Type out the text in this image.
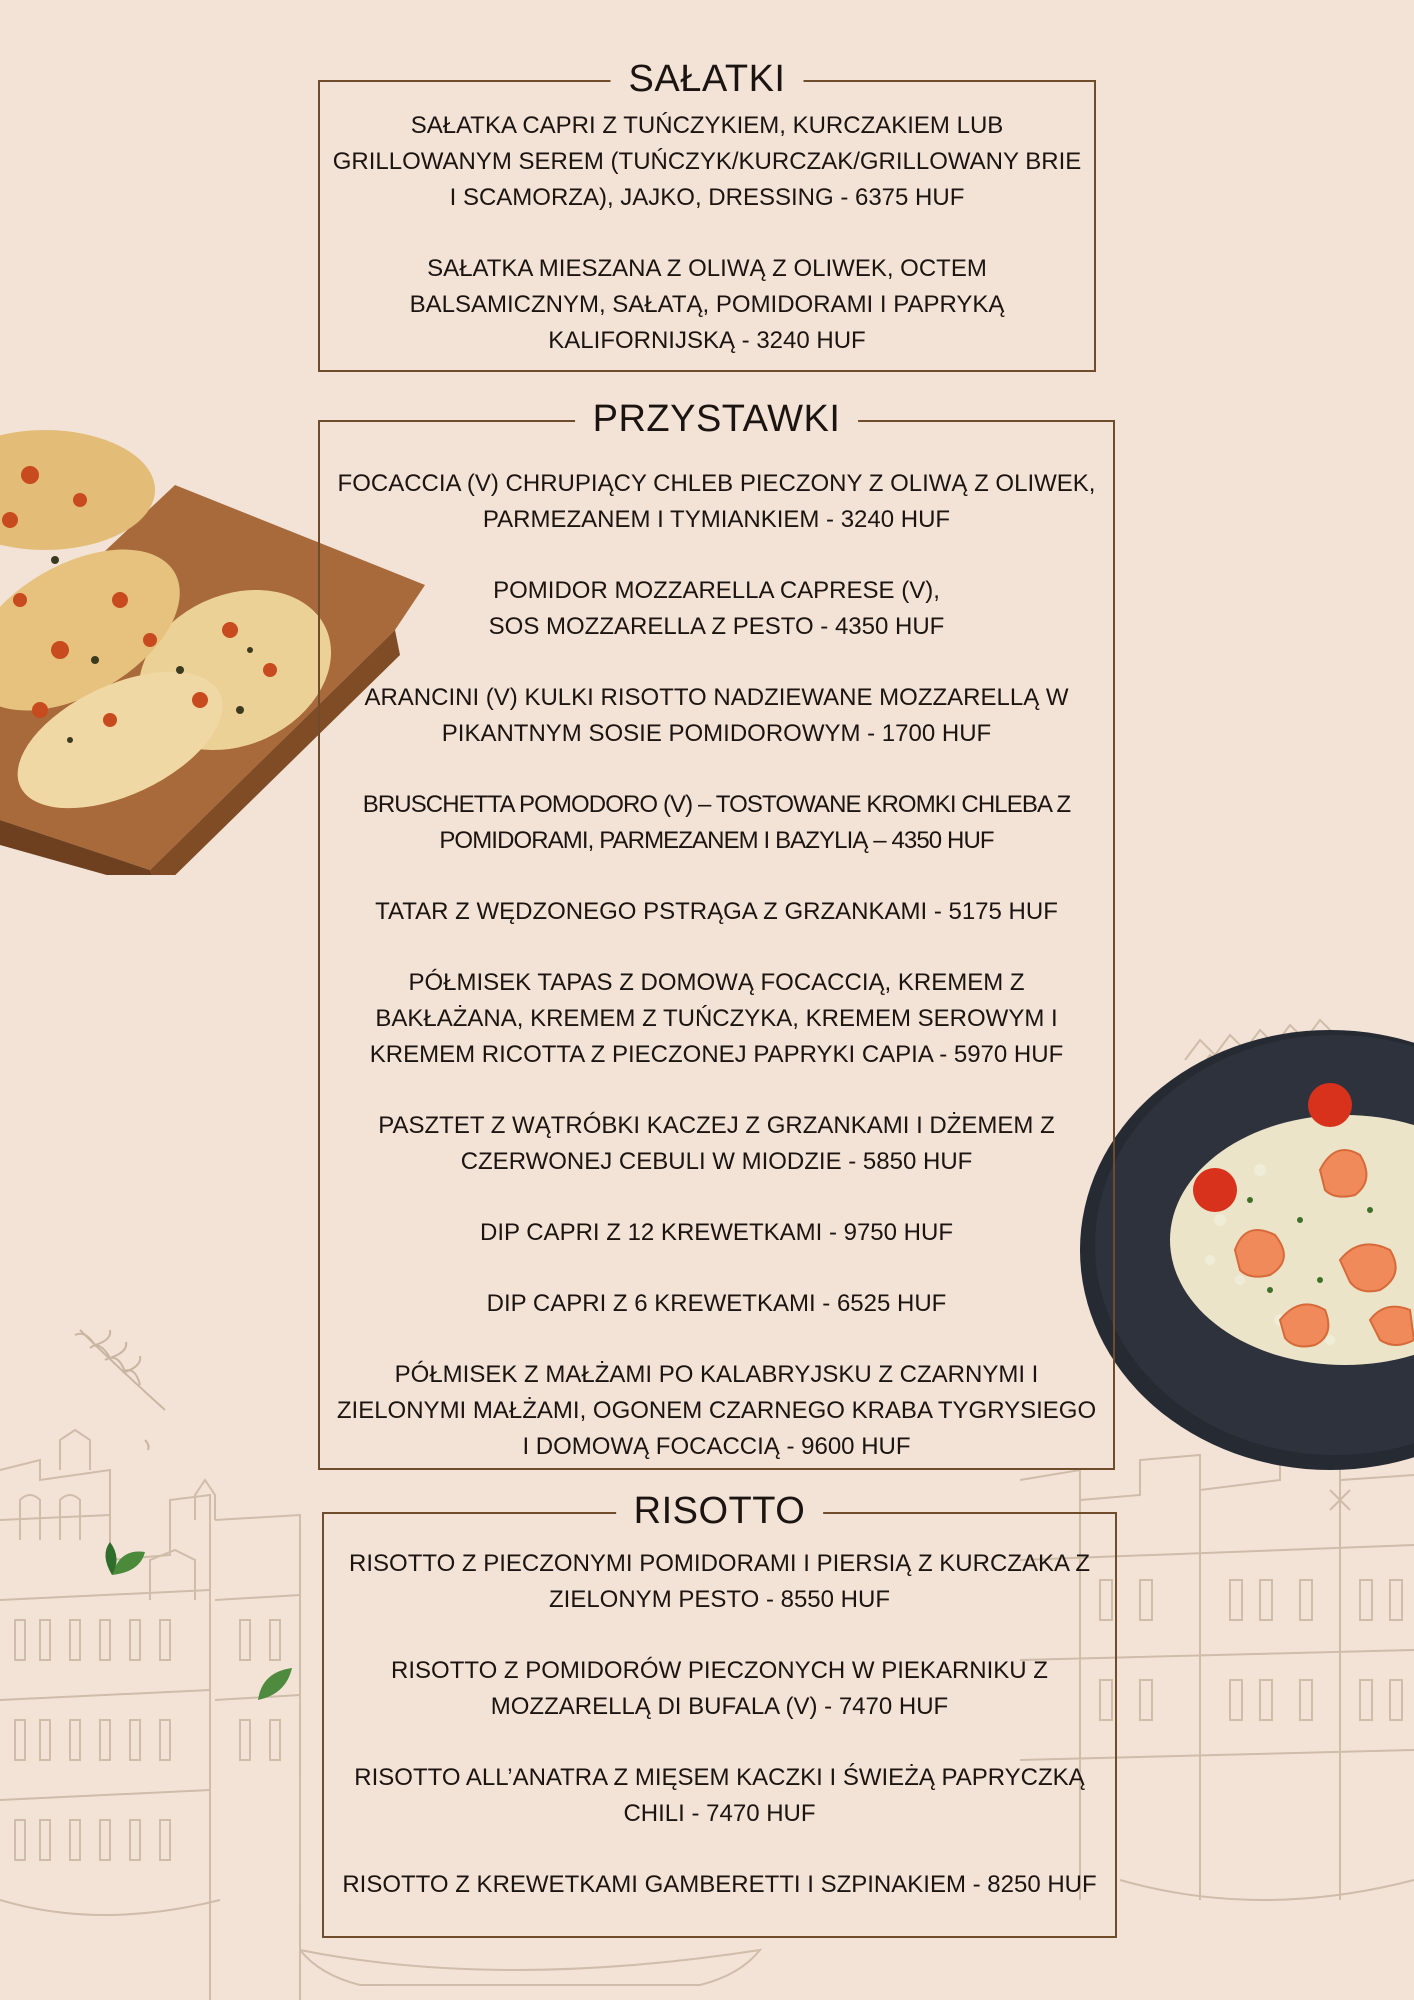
SAŁATKI

SAŁATKA CAPRI Z TUŃCZYKIEM, KURCZAKIEM LUB
GRILLOWANYM SEREM (TUŃCZYK/KURCZAK/GRILLOWANY BRIE
I SCAMORZA), JAJKO, DRESSING - 6375 HUF

SAŁATKA MIESZANA Z OLIWĄ Z OLIWEK, OCTEM
BALSAMICZNYM, SAŁATĄ, POMIDORAMI I PAPRYKĄ
KALIFORNIJSKĄ - 3240 HUF

PRZYSTAWKI

FOCACCIA (V) CHRUPIĄCY CHLEB PIECZONY Z OLIWĄ Z OLIWEK,
PARMEZANEM I TYMIANKIEM - 3240 HUF

POMIDOR MOZZARELLA CAPRESE (V),
SOS MOZZARELLA Z PESTO - 4350 HUF

ARANCINI (V) KULKI RISOTTO NADZIEWANE MOZZARELLĄ W
PIKANTNYM SOSIE POMIDOROWYM - 1700 HUF

BRUSCHETTA POMODORO (V) – TOSTOWANE KROMKI CHLEBA Z
POMIDORAMI, PARMEZANEM I BAZYLIĄ – 4350 HUF

TATAR Z WĘDZONEGO PSTRĄGA Z GRZANKAMI - 5175 HUF

PÓŁMISEK TAPAS Z DOMOWĄ FOCACCIĄ, KREMEM Z
BAKŁAŻANA, KREMEM Z TUŃCZYKA, KREMEM SEROWYM I
KREMEM RICOTTA Z PIECZONEJ PAPRYKI CAPIA - 5970 HUF

PASZTET Z WĄTRÓBKI KACZEJ Z GRZANKAMI I DŻEMEM Z
CZERWONEJ CEBULI W MIODZIE - 5850 HUF

DIP CAPRI Z 12 KREWETKAMI - 9750 HUF

DIP CAPRI Z 6 KREWETKAMI - 6525 HUF

PÓŁMISEK Z MAŁŻAMI PO KALABRYJSKU Z CZARNYMI I
ZIELONYMI MAŁŻAMI, OGONEM CZARNEGO KRABA TYGRYSIEGO
I DOMOWĄ FOCACCIĄ - 9600 HUF

RISOTTO

RISOTTO Z PIECZONYMI POMIDORAMI I PIERSIĄ Z KURCZAKA Z
ZIELONYM PESTO - 8550 HUF

RISOTTO Z POMIDORÓW PIECZONYCH W PIEKARNIKU Z
MOZZARELLĄ DI BUFALA (V) - 7470 HUF

RISOTTO ALL’ANATRA Z MIĘSEM KACZKI I ŚWIEŻĄ PAPRYCZKĄ
CHILI - 7470 HUF

RISOTTO Z KREWETKAMI GAMBERETTI I SZPINAKIEM - 8250 HUF
